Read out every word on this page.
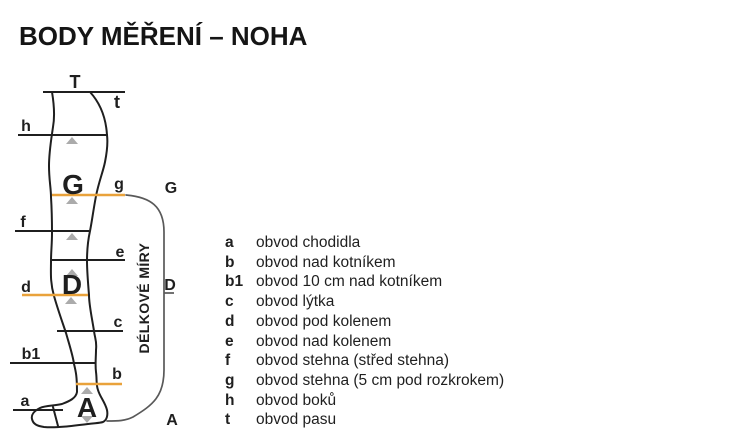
BODY MĚŘENÍ – NOHA
T
t
h
G g
f
e
d D
c
b1
b
a A
G
D
A
DÉLKOVÉ MÍRY
a	obvod chodidla
b	obvod nad kotníkem
b1 obvod 10 cm nad kotníkem
c	obvod lýtka
d	obvod pod kolenem
e	obvod nad kolenem
f	obvod stehna (střed stehna)
g	obvod stehna (5 cm pod rozkrokem)
h	obvod boků
t	obvod pasu
